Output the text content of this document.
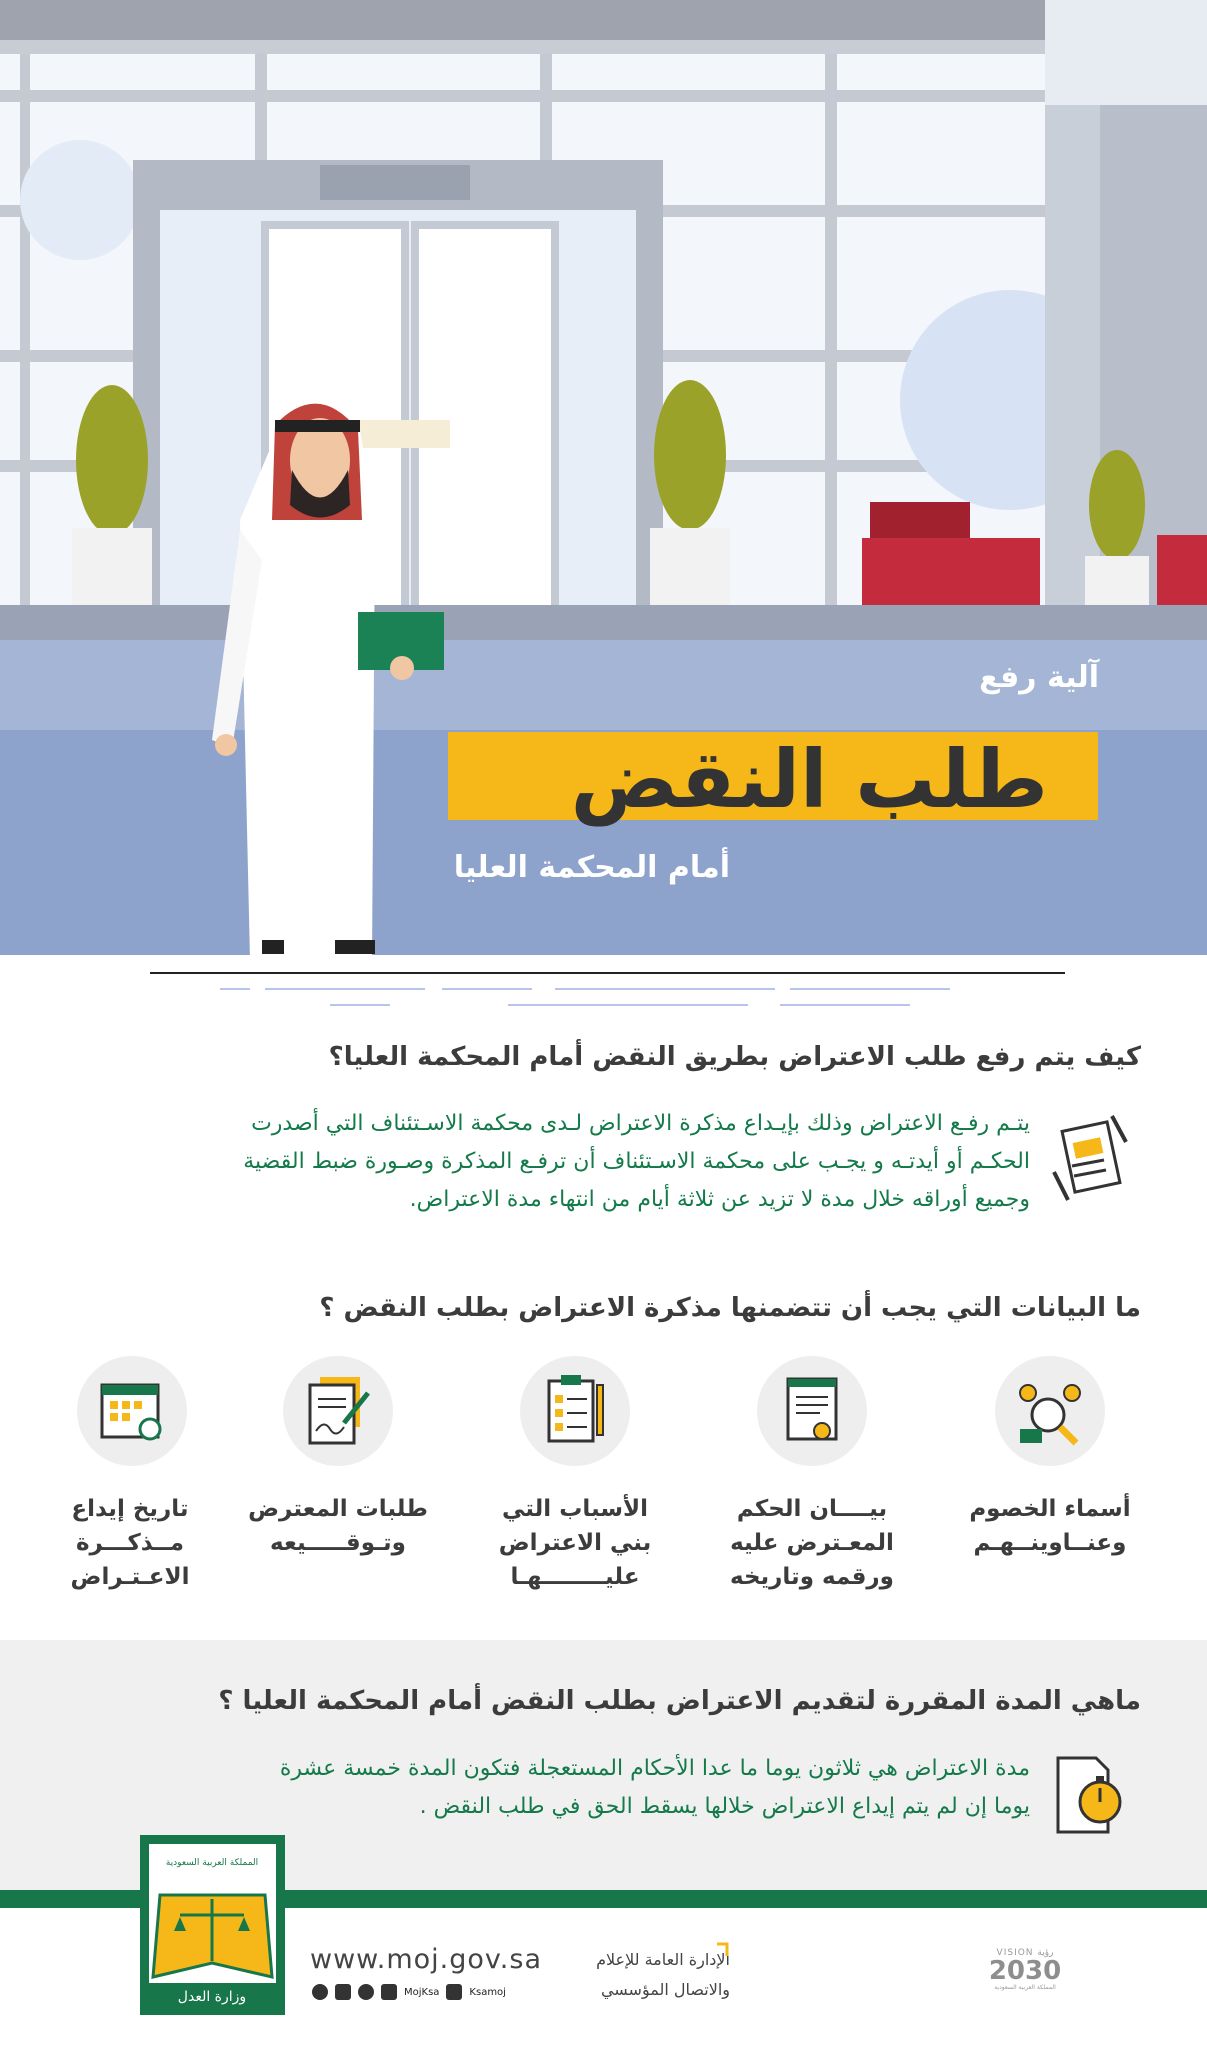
آلية رفع
طلب النقض
أمام المحكمة العليا
كيف يتم رفع طلب الاعتراض بطريق النقض أمام المحكمة العليا؟
يتـم رفـع الاعتراض وذلك بإيـداع مذكرة الاعتراض لـدى محكمة الاسـتئناف التي أصدرت
الحكـم أو أيدتـه و يجـب على محكمة الاسـتئناف أن ترفـع المذكرة وصـورة ضبط القضية
وجميع أوراقه خلال مدة لا تزيد عن ثلاثة أيام من انتهاء مدة الاعتراض.
ما البيانات التي يجب أن تتضمنها مذكرة الاعتراض بطلب النقض ؟
أسماء الخصوم
وعنــاوينــهـم
بيــــان الحكم
المعـترض عليه
ورقمه وتاريخه
الأسباب التي
بني الاعتراض
عليــــــــهـا
طلبات المعترض
وتـوقـــــيعه
تاريخ إيداع
مــذكـــرة
الاعـتـراض
ماهي المدة المقررة لتقديم الاعتراض بطلب النقض أمام المحكمة العليا ؟
مدة الاعتراض هي ثلاثون يوما ما عدا الأحكام المستعجلة فتكون المدة خمسة عشرة
يوما إن لم يتم إيداع الاعتراض خلالها يسقط الحق في طلب النقض .
المملكة العربية السعودية
وزارة العدل
www.moj.gov.sa
MojKsa	Ksamoj
الإدارة العامة للإعلام
والاتصال المؤسسي
VISION رؤية
2030
المملكة العربية السعودية
